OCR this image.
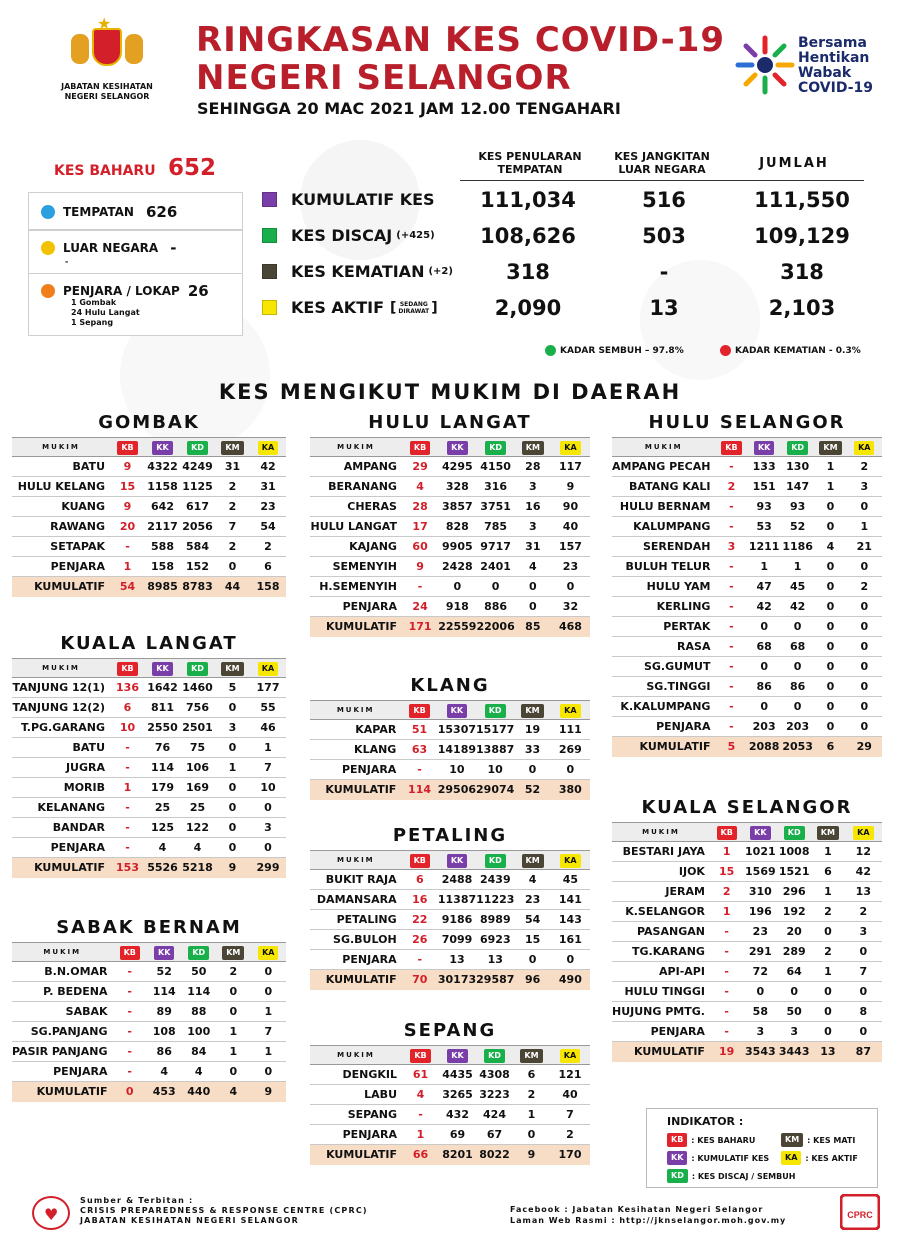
★
JABATAN KESIHATAN
NEGERI SELANGOR
RINGKASAN KES COVID-19
NEGERI SELANGOR
SEHINGGA 20 MAC 2021 JAM 12.00 TENGAHARI
Bersama
Hentikan
Wabak
COVID-19
KES BAHARU 652
TEMPATAN 626
LUAR NEGARA -
-
PENJARA / LOKAP 26
1 Gombak
24 Hulu Langat
1 Sepang
KES PENULARAN
TEMPATAN
KES JANGKITAN
LUAR NEGARA	JUMLAH
KUMULATIF KES
KES DISCAJ (+425)
KES KEMATIAN (+2)
KES AKTIF [ SEDANG
DIRAWAT ]
111,034	516	111,550
108,626	503	109,129
318	-	318
2,090	13	2,103
KADAR SEMBUH – 97.8%	KADAR KEMATIAN - 0.3%
KES MENGIKUT MUKIM DI DAERAH
GOMBAK
MUKIM	KB	KK	KD	KM	KA
BATU	9	4322	4249	31	42
HULU KELANG	15	1158	1125	2	31
KUANG	9	642	617	2	23
RAWANG	20	2117	2056	7	54
SETAPAK	-	588	584	2	2
PENJARA	1	158	152	0	6
KUMULATIF	54	8985	8783	44	158
KUALA LANGAT
MUKIM	KB	KK	KD	KM	KA
TANJUNG 12(1)	136	1642	1460	5	177
TANJUNG 12(2)	6	811	756	0	55
T.PG.GARANG	10	2550	2501	3	46
BATU	-	76	75	0	1
JUGRA	-	114	106	1	7
MORIB	1	179	169	0	10
KELANANG	-	25	25	0	0
BANDAR	-	125	122	0	3
PENJARA	-	4	4	0	0
KUMULATIF	153	5526	5218	9	299
SABAK BERNAM
MUKIM	KB	KK	KD	KM	KA
B.N.OMAR	-	52	50	2	0
P. BEDENA	-	114	114	0	0
SABAK	-	89	88	0	1
SG.PANJANG	-	108	100	1	7
PASIR PANJANG	-	86	84	1	1
PENJARA	-	4	4	0	0
KUMULATIF	0	453	440	4	9
HULU LANGAT
MUKIM	KB	KK	KD	KM	KA
AMPANG	29	4295	4150	28	117
BERANANG	4	328	316	3	9
CHERAS	28	3857	3751	16	90
HULU LANGAT	17	828	785	3	40
KAJANG	60	9905	9717	31	157
SEMENYIH	9	2428	2401	4	23
H.SEMENYIH	-	0	0	0	0
PENJARA	24	918	886	0	32
KUMULATIF	171	22559	22006	85	468
KLANG
MUKIM	KB	KK	KD	KM	KA
KAPAR	51	15307	15177	19	111
KLANG	63	14189	13887	33	269
PENJARA	-	10	10	0	0
KUMULATIF	114	29506	29074	52	380
PETALING
MUKIM	KB	KK	KD	KM	KA
BUKIT RAJA	6	2488	2439	4	45
DAMANSARA	16	11387	11223	23	141
PETALING	22	9186	8989	54	143
SG.BULOH	26	7099	6923	15	161
PENJARA	-	13	13	0	0
KUMULATIF	70	30173	29587	96	490
SEPANG
MUKIM	KB	KK	KD	KM	KA
DENGKIL	61	4435	4308	6	121
LABU	4	3265	3223	2	40
SEPANG	-	432	424	1	7
PENJARA	1	69	67	0	2
KUMULATIF	66	8201	8022	9	170
HULU SELANGOR
MUKIM	KB	KK	KD	KM	KA
AMPANG PECAH	-	133	130	1	2
BATANG KALI	2	151	147	1	3
HULU BERNAM	-	93	93	0	0
KALUMPANG	-	53	52	0	1
SERENDAH	3	1211	1186	4	21
BULUH TELUR	-	1	1	0	0
HULU YAM	-	47	45	0	2
KERLING	-	42	42	0	0
PERTAK	-	0	0	0	0
RASA	-	68	68	0	0
SG.GUMUT	-	0	0	0	0
SG.TINGGI	-	86	86	0	0
K.KALUMPANG	-	0	0	0	0
PENJARA	-	203	203	0	0
KUMULATIF	5	2088	2053	6	29
KUALA SELANGOR
MUKIM	KB	KK	KD	KM	KA
BESTARI JAYA	1	1021	1008	1	12
IJOK	15	1569	1521	6	42
JERAM	2	310	296	1	13
K.SELANGOR	1	196	192	2	2
PASANGAN	-	23	20	0	3
TG.KARANG	-	291	289	2	0
API-API	-	72	64	1	7
HULU TINGGI	-	0	0	0	0
HUJUNG PMTG.	-	58	50	0	8
PENJARA	-	3	3	0	0
KUMULATIF	19	3543	3443	13	87
INDIKATOR :
KB	: KES BAHARU	KM	: KES MATI
KK	: KUMULATIF KES	KA	: KES AKTIF
KD	: KES DISCAJ / SEMBUH
♥
Sumber & Terbitan :
CRISIS PREPAREDNESS & RESPONSE CENTRE (CPRC)
JABATAN KESIHATAN NEGERI SELANGOR
Facebook : Jabatan Kesihatan Negeri Selangor
Laman Web Rasmi : http://jknselangor.moh.gov.my
CPRC
